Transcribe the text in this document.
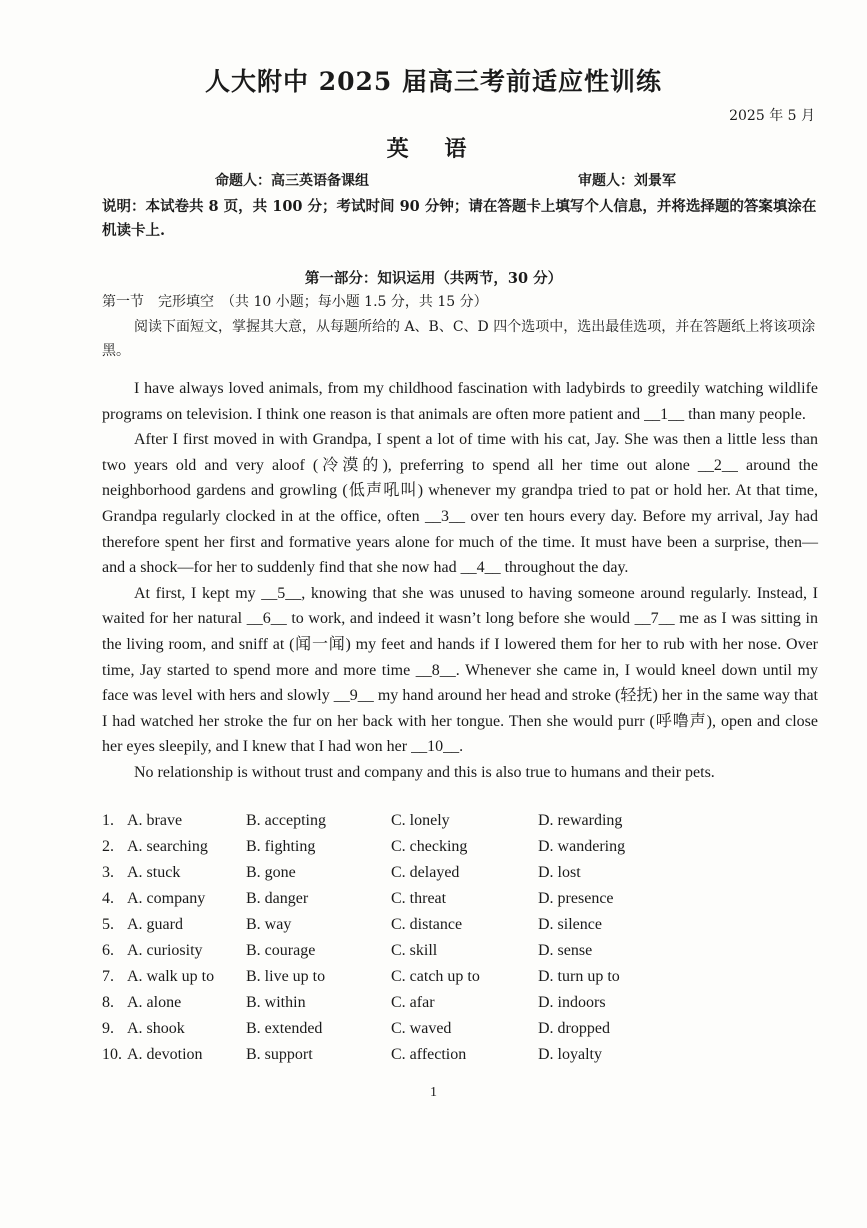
人大附中 2025 届高三考前适应性训练
2025 年 5 月
英 语
命题人：高三英语备课组	审题人：刘景军
说明：本试卷共 8 页，共 100 分；考试时间 90 分钟；请在答题卡上填写个人信息，并将选择题的答案填涂在机读卡上.
第一部分：知识运用（共两节，30 分）
第一节　完形填空　（共 10 小题；每小题 1.5 分，共 15 分）
阅读下面短文，掌握其大意，从每题所给的 A、B、C、D 四个选项中，选出最佳选项，并在答题纸上将该项涂黑。

I have always loved animals, from my childhood fascination with ladybirds to greedily watching wildlife programs on television. I think one reason is that animals are often more patient and __1__ than many people.

After I first moved in with Grandpa, I spent a lot of time with his cat, Jay. She was then a little less than two years old and very aloof (冷漠的), preferring to spend all her time out alone __2__ around the neighborhood gardens and growling (低声吼叫) whenever my grandpa tried to pat or hold her. At that time, Grandpa regularly clocked in at the office, often __3__ over ten hours every day. Before my arrival, Jay had therefore spent her first and formative years alone for much of the time. It must have been a surprise, then—and a shock—for her to suddenly find that she now had __4__ throughout the day.

At first, I kept my __5__, knowing that she was unused to having someone around regularly. Instead, I waited for her natural __6__ to work, and indeed it wasn’t long before she would __7__ me as I was sitting in the living room, and sniff at (闻一闻) my feet and hands if I lowered them for her to rub with her nose. Over time, Jay started to spend more and more time __8__. Whenever she came in, I would kneel down until my face was level with hers and slowly __9__ my hand around her head and stroke (轻抚) her in the same way that I had watched her stroke the fur on her back with her tongue. Then she would purr (呼噜声), open and close her eyes sleepily, and I knew that I had won her __10__.

No relationship is without trust and company and this is also true to humans and their pets.

1. A. brave	B. accepting	C. lonely	D. rewarding
2. A. searching B. fighting	C. checking	D. wandering
3. A. stuck	B. gone	C. delayed	D. lost
4. A. company	B. danger	C. threat	D. presence
5. A. guard	B. way	C. distance	D. silence
6. A. curiosity	B. courage	C. skill	D. sense
7. A. walk up to B. live up to	C. catch up to	D. turn up to
8. A. alone	B. within	C. afar	D. indoors
9. A. shook	B. extended	C. waved	D. dropped
10. A. devotion	B. support	C. affection	D. loyalty
1
